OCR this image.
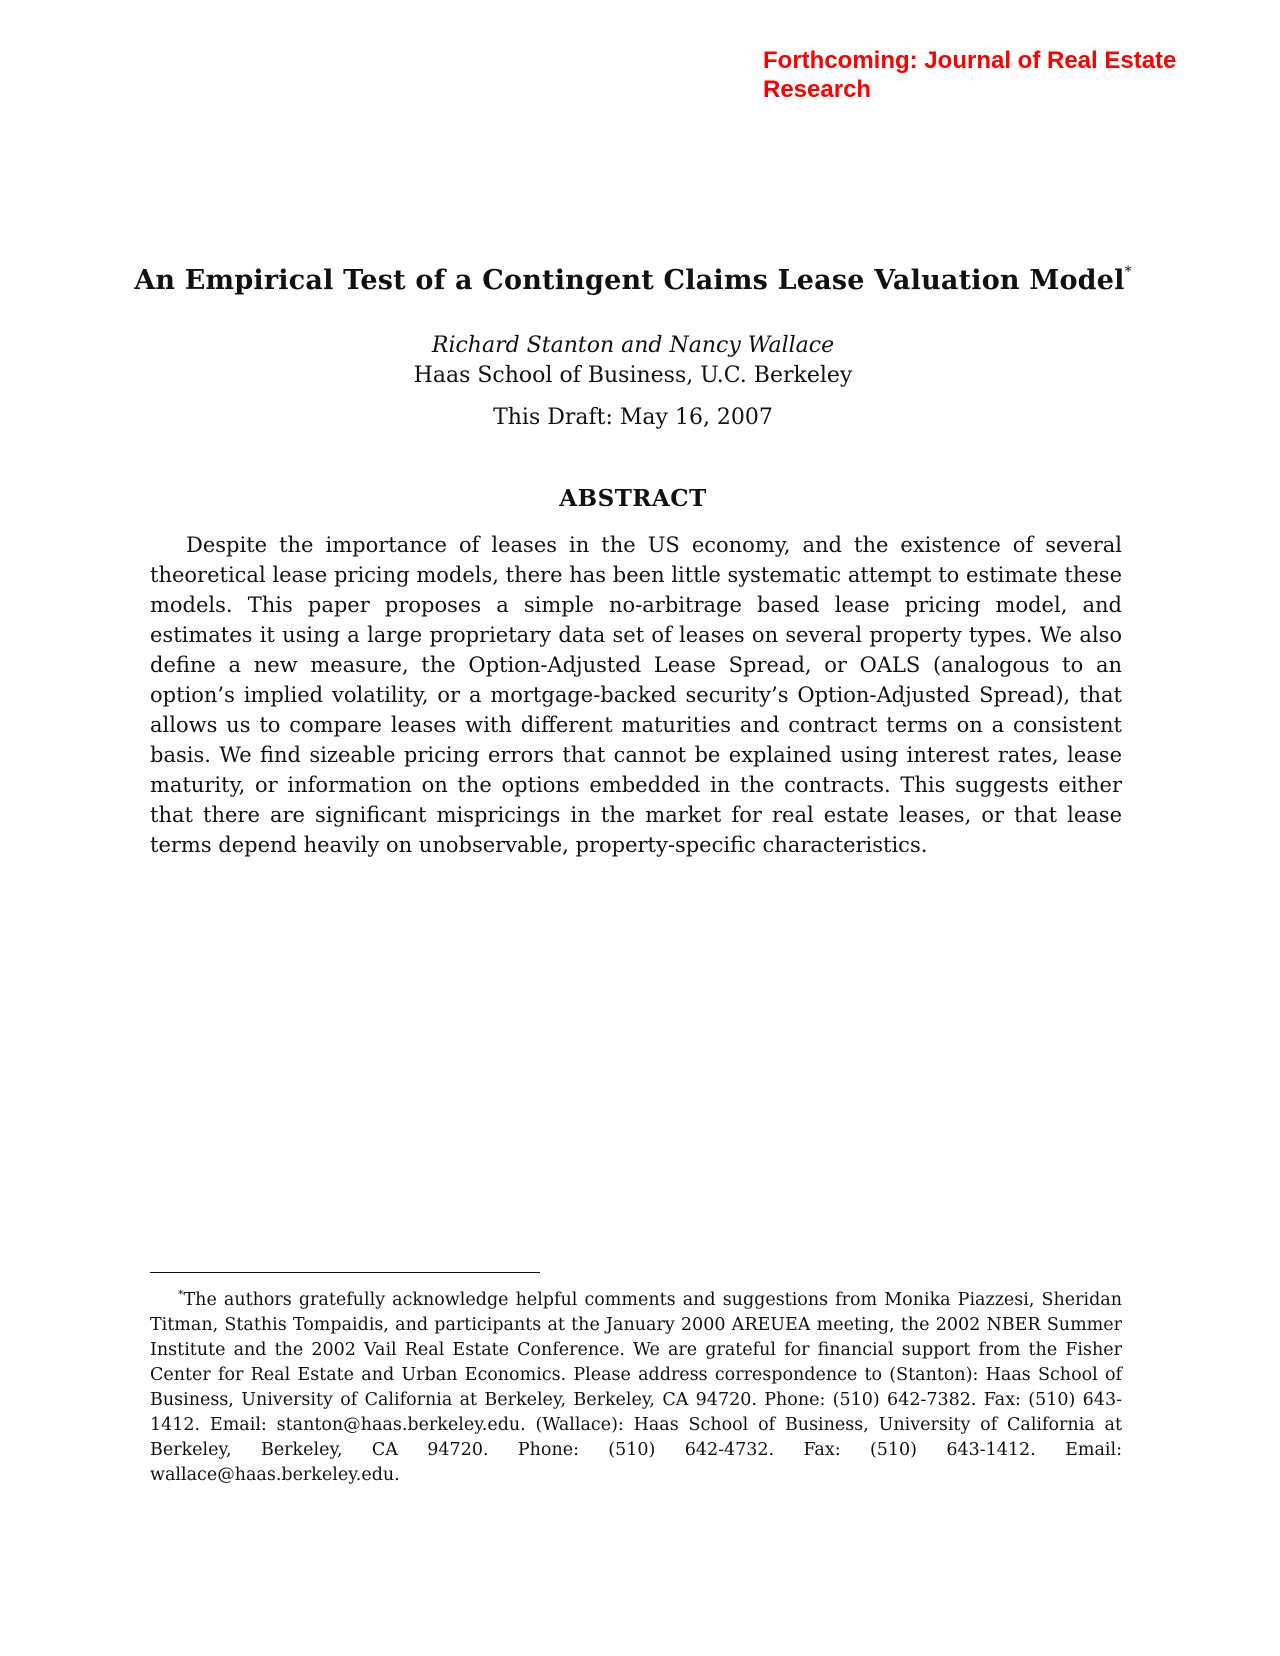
Forthcoming: Journal of Real Estate Research
An Empirical Test of a Contingent Claims Lease Valuation Model*
Richard Stanton and Nancy Wallace
Haas School of Business, U.C. Berkeley
This Draft: May 16, 2007
ABSTRACT
Despite the importance of leases in the US economy, and the existence of several theoretical lease pricing models, there has been little systematic attempt to estimate these models. This paper proposes a simple no-arbitrage based lease pricing model, and estimates it using a large proprietary data set of leases on several property types. We also define a new measure, the Option-Adjusted Lease Spread, or OALS (analogous to an option’s implied volatility, or a mortgage-backed security’s Option-Adjusted Spread), that allows us to compare leases with different maturities and contract terms on a consistent basis. We find sizeable pricing errors that cannot be explained using interest rates, lease maturity, or information on the options embedded in the contracts. This suggests either that there are significant mispricings in the market for real estate leases, or that lease terms depend heavily on unobservable, property-specific characteristics.
*The authors gratefully acknowledge helpful comments and suggestions from Monika Piazzesi, Sheridan Titman, Stathis Tompaidis, and participants at the January 2000 AREUEA meeting, the 2002 NBER Summer Institute and the 2002 Vail Real Estate Conference. We are grateful for financial support from the Fisher Center for Real Estate and Urban Economics. Please address correspondence to (Stanton): Haas School of Business, University of California at Berkeley, Berkeley, CA 94720. Phone: (510) 642-7382. Fax: (510) 643-1412. Email: stanton@haas.berkeley.edu. (Wallace): Haas School of Business, University of California at Berkeley, Berkeley, CA 94720. Phone: (510) 642-4732. Fax: (510) 643-1412. Email: wallace@haas.berkeley.edu.
